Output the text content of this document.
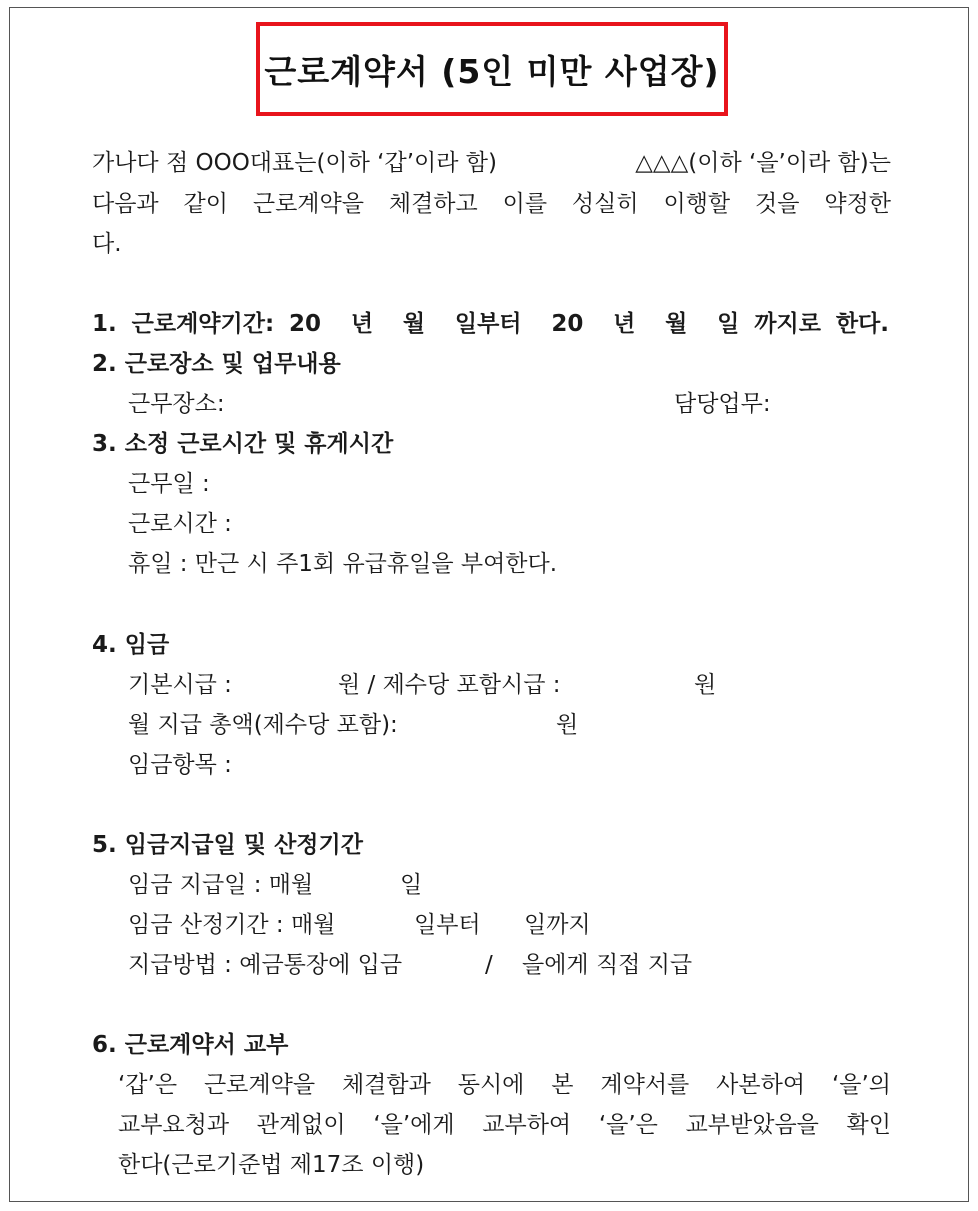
근로계약서 (5인 미만 사업장)
가나다 점 OOO대표는(이하 ‘갑’이라 함)	△△△(이하 ‘을’이라 함)는
다음과 같이 근로계약을 체결하고 이를 성실히 이행할 것을 약정한
다.
1. 근로계약기간: 20  년  월  일부터  20  년  월  일 까지로 한다.
2. 근로장소 및 업무내용
근무장소:	담당업무:
3. 소정 근로시간 및 휴게시간
근무일 :
근로시간 :
휴일 : 만근 시 주1회 유급휴일을 부여한다.
4. 임금
기본시급 :	원 / 제수당 포함시급 :	원
월 지급 총액(제수당 포함):	원
임금항목 :
5. 임금지급일 및 산정기간
임금 지급일 : 매월	일
임금 산정기간 : 매월	일부터 일까지
지급방법 : 예금통장에 입금	/ 을에게 직접 지급
6. 근로계약서 교부
‘갑’은 근로계약을 체결함과 동시에 본 계약서를 사본하여 ‘을’의
교부요청과 관계없이 ‘을’에게 교부하여 ‘을’은 교부받았음을 확인
한다(근로기준법 제17조 이행)
